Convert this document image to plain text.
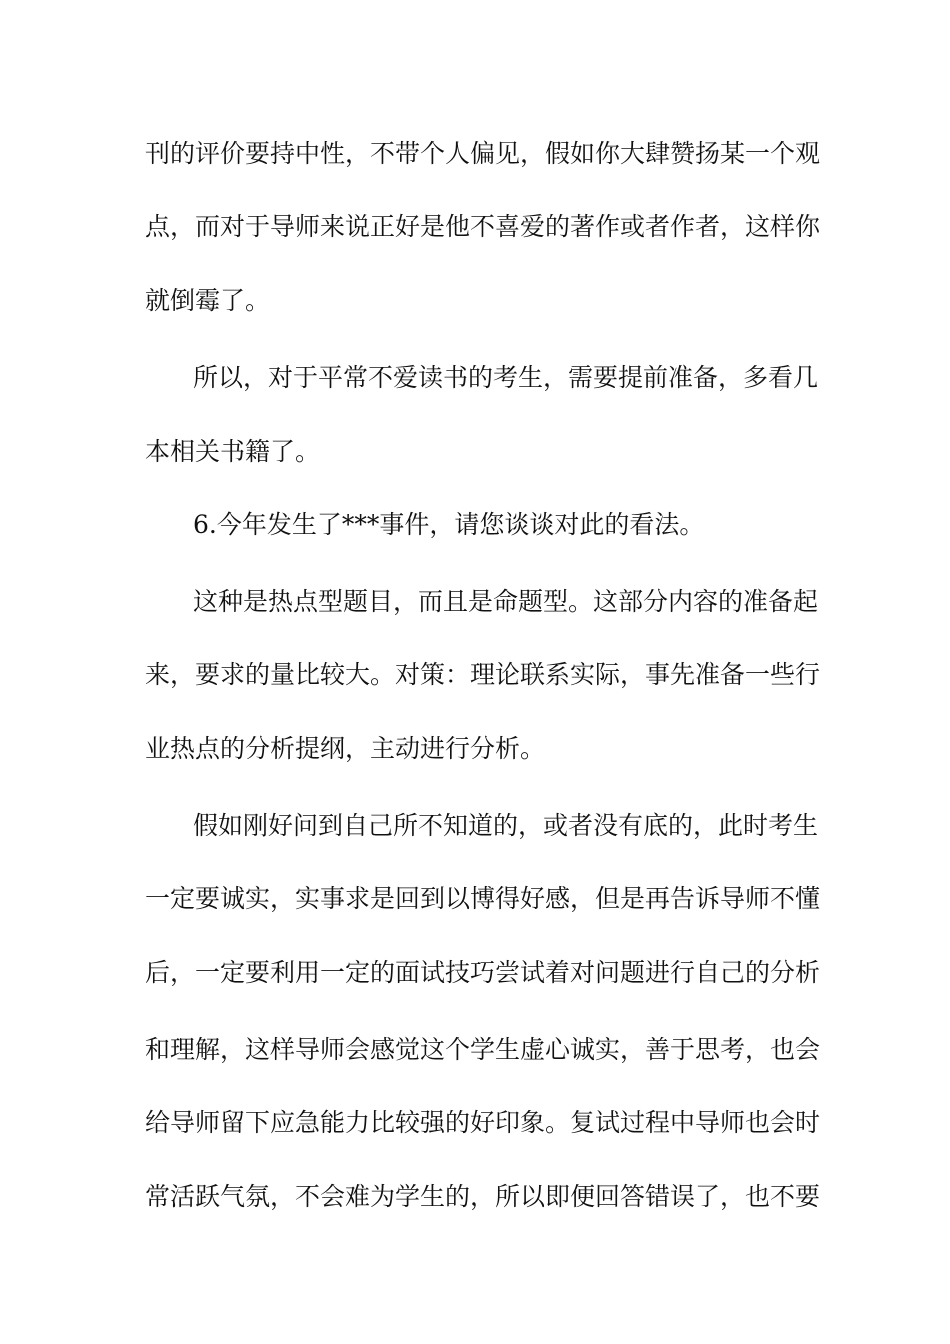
刊的评价要持中性，不带个人偏见，假如你大肆赞扬某一个观
点，而对于导师来说正好是他不喜爱的著作或者作者，这样你
就倒霉了。
所以，对于平常不爱读书的考生，需要提前准备，多看几
本相关书籍了。
6.今年发生了***事件，请您谈谈对此的看法。
这种是热点型题目，而且是命题型。这部分内容的准备起
来，要求的量比较大。对策：理论联系实际，事先准备一些行
业热点的分析提纲，主动进行分析。
假如刚好问到自己所不知道的，或者没有底的，此时考生
一定要诚实，实事求是回到以博得好感，但是再告诉导师不懂
后，一定要利用一定的面试技巧尝试着对问题进行自己的分析
和理解，这样导师会感觉这个学生虚心诚实，善于思考，也会
给导师留下应急能力比较强的好印象。复试过程中导师也会时
常活跃气氛，不会难为学生的，所以即便回答错误了，也不要
